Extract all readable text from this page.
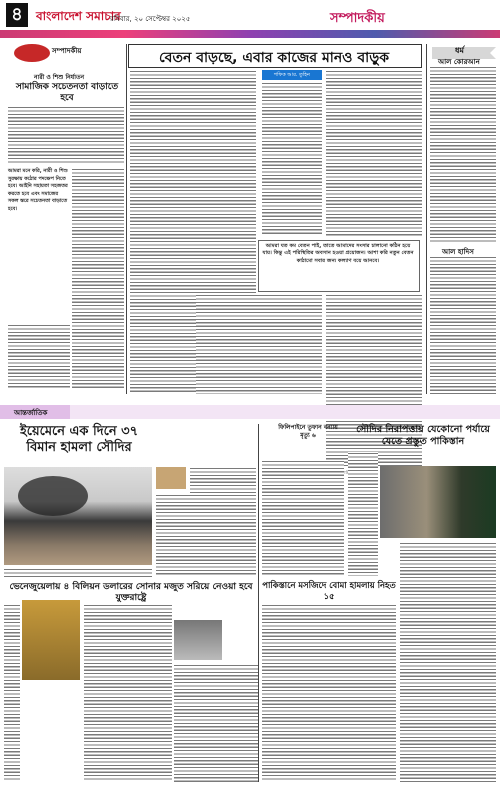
৪	বাংলাদেশ সমাচার
রবিবার, ২০ সেপ্টেম্বর ২০২৫	সম্পাদকীয়
সম্পাদকীয়
নারী ও শিশু নির্যাতন
সামাজিক সচেতনতা বাড়াতে হবে
আমরা মনে করি, নারী ও শিশু সুরক্ষায় কঠোর পদক্ষেপ নিতে হবে। আইনি সহায়তা সহজতর করতে হবে এবং সমাজের সকল স্তরে সচেতনতা বাড়াতে হবে।
বেতন বাড়ছে, এবার কাজের মানও বাড়ুক
শফিক আর. তুহিন
আমরা যত কম বেতন পাই, তাতে আমাদের সংসার চালানো কঠিন হয়ে যায়। কিন্তু এই পরিস্থিতির অবসান হওয়া প্রয়োজন। আশা করি নতুন বেতন কাঠামো সবার জন্য কল্যাণ বয়ে আনবে।
কলামিস্ট
ধর্ম
আল কোরআন
আল হাদিস
আন্তর্জাতিক
ইয়েমেনে এক দিনে ৩৭ বিমান হামলা সৌদির
ফিলিপাইনে তুফান বন্যায় মৃত্যু ৬
সৌদির নিরাপত্তায় যেকোনো পর্যায়ে যেতে প্রস্তুত পাকিস্তান
ভেনেজুয়েলায় ৪ বিলিয়ন ডলারের সোনার মজুত সরিয়ে নেওয়া হবে যুক্তরাষ্ট্রে
পাকিস্তানে মসজিদে বোমা হামলায় নিহত ১৫
